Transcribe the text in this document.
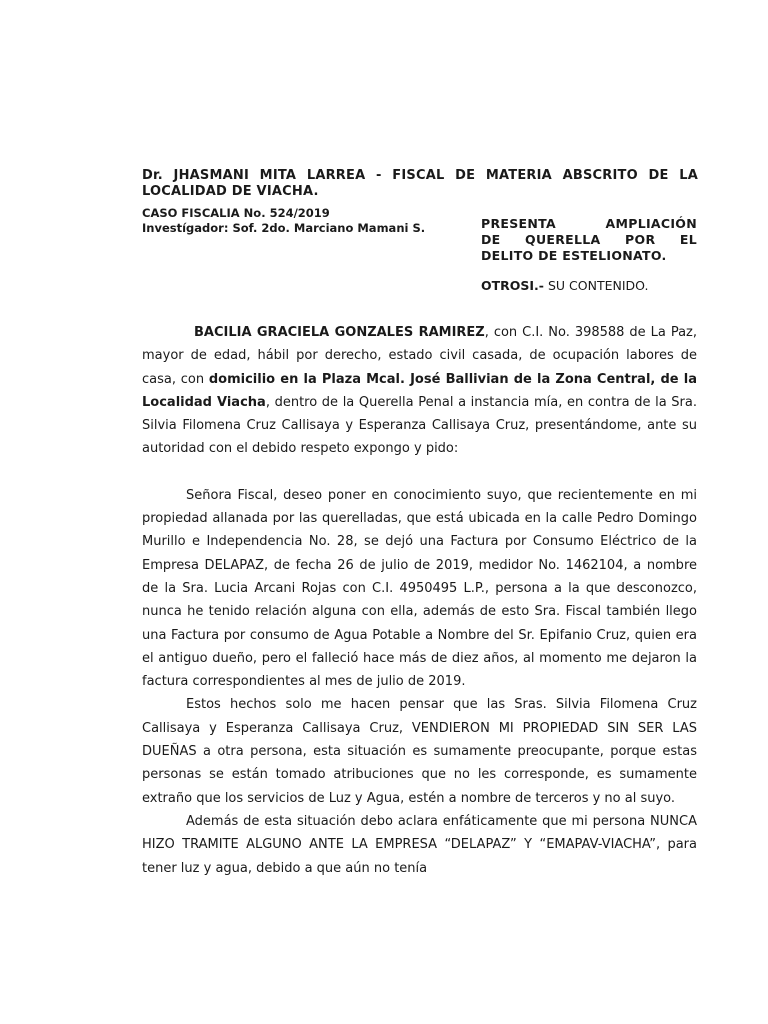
Dr. JHASMANI MITA LARREA - FISCAL DE MATERIA ABSCRITO DE LA LOCALIDAD DE VIACHA.
CASO FISCALIA No. 524/2019
Investígador: Sof. 2do. Marciano Mamani S.	PRESENTA AMPLIACIÓN
DE QUERELLA POR EL
DELITO DE ESTELIONATO.
OTROSI.- SU CONTENIDO.

BACILIA GRACIELA GONZALES RAMIREZ, con C.I. No. 398588 de La Paz, mayor de edad, hábil por derecho, estado civil casada, de ocupación labores de casa, con domicilio en la Plaza Mcal. José Ballivian de la Zona Central, de la Localidad Viacha, dentro de la Querella Penal a instancia mía, en contra de la Sra. Silvia Filomena Cruz Callisaya y Esperanza Callisaya Cruz, presentándome, ante su autoridad con el debido respeto expongo y pido:

Señora Fiscal, deseo poner en conocimiento suyo, que recientemente en mi propiedad allanada por las querelladas, que está ubicada en la calle Pedro Domingo Murillo e Independencia No. 28, se dejó una Factura por Consumo Eléctrico de la Empresa DELAPAZ, de fecha 26 de julio de 2019, medidor No. 1462104, a nombre de la Sra. Lucia Arcani Rojas con C.I. 4950495 L.P., persona a la que desconozco, nunca he tenido relación alguna con ella, además de esto Sra. Fiscal también llego una Factura por consumo de Agua Potable a Nombre del Sr. Epifanio Cruz, quien era el antiguo dueño, pero el falleció hace más de diez años, al momento me dejaron la factura correspondientes al mes de julio de 2019.

Estos hechos solo me hacen pensar que las Sras. Silvia Filomena Cruz Callisaya y Esperanza Callisaya Cruz, VENDIERON MI PROPIEDAD SIN SER LAS DUEÑAS a otra persona, esta situación es sumamente preocupante, porque estas personas se están tomado atribuciones que no les corresponde, es sumamente extraño que los servicios de Luz y Agua, estén a nombre de terceros y no al suyo.

Además de esta situación debo aclara enfáticamente que mi persona NUNCA HIZO TRAMITE ALGUNO ANTE LA EMPRESA “DELAPAZ” Y “EMAPAV-VIACHA”, para tener luz y agua, debido a que aún no tenía
